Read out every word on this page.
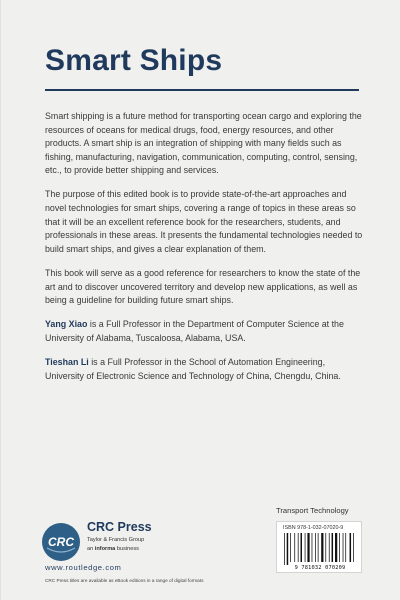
Smart Ships

Smart shipping is a future method for transporting ocean cargo and exploring the resources of oceans for medical drugs, food, energy resources, and other products. A smart ship is an integration of shipping with many fields such as fishing, manufacturing, navigation, communication, computing, control, sensing, etc., to provide better shipping and services.

The purpose of this edited book is to provide state-of-the-art approaches and novel technologies for smart ships, covering a range of topics in these areas so that it will be an excellent reference book for the researchers, students, and professionals in these areas. It presents the fundamental technologies needed to build smart ships, and gives a clear explanation of them.

This book will serve as a good reference for researchers to know the state of the art and to discover uncovered territory and develop new applications, as well as being a guideline for building future smart ships.

Yang Xiao is a Full Professor in the Department of Computer Science at the University of Alabama, Tuscaloosa, Alabama, USA.

Tieshan Li is a Full Professor in the School of Automation Engineering, University of Electronic Science and Technology of China, Chengdu, China.

Transport Technology
ISBN 978-1-032-07020-9
9 781032 070209
CRC
CRC Press
Taylor & Francis Group
an informa business
www.routledge.com
CRC Press titles are available as eBook editions in a range of digital formats
